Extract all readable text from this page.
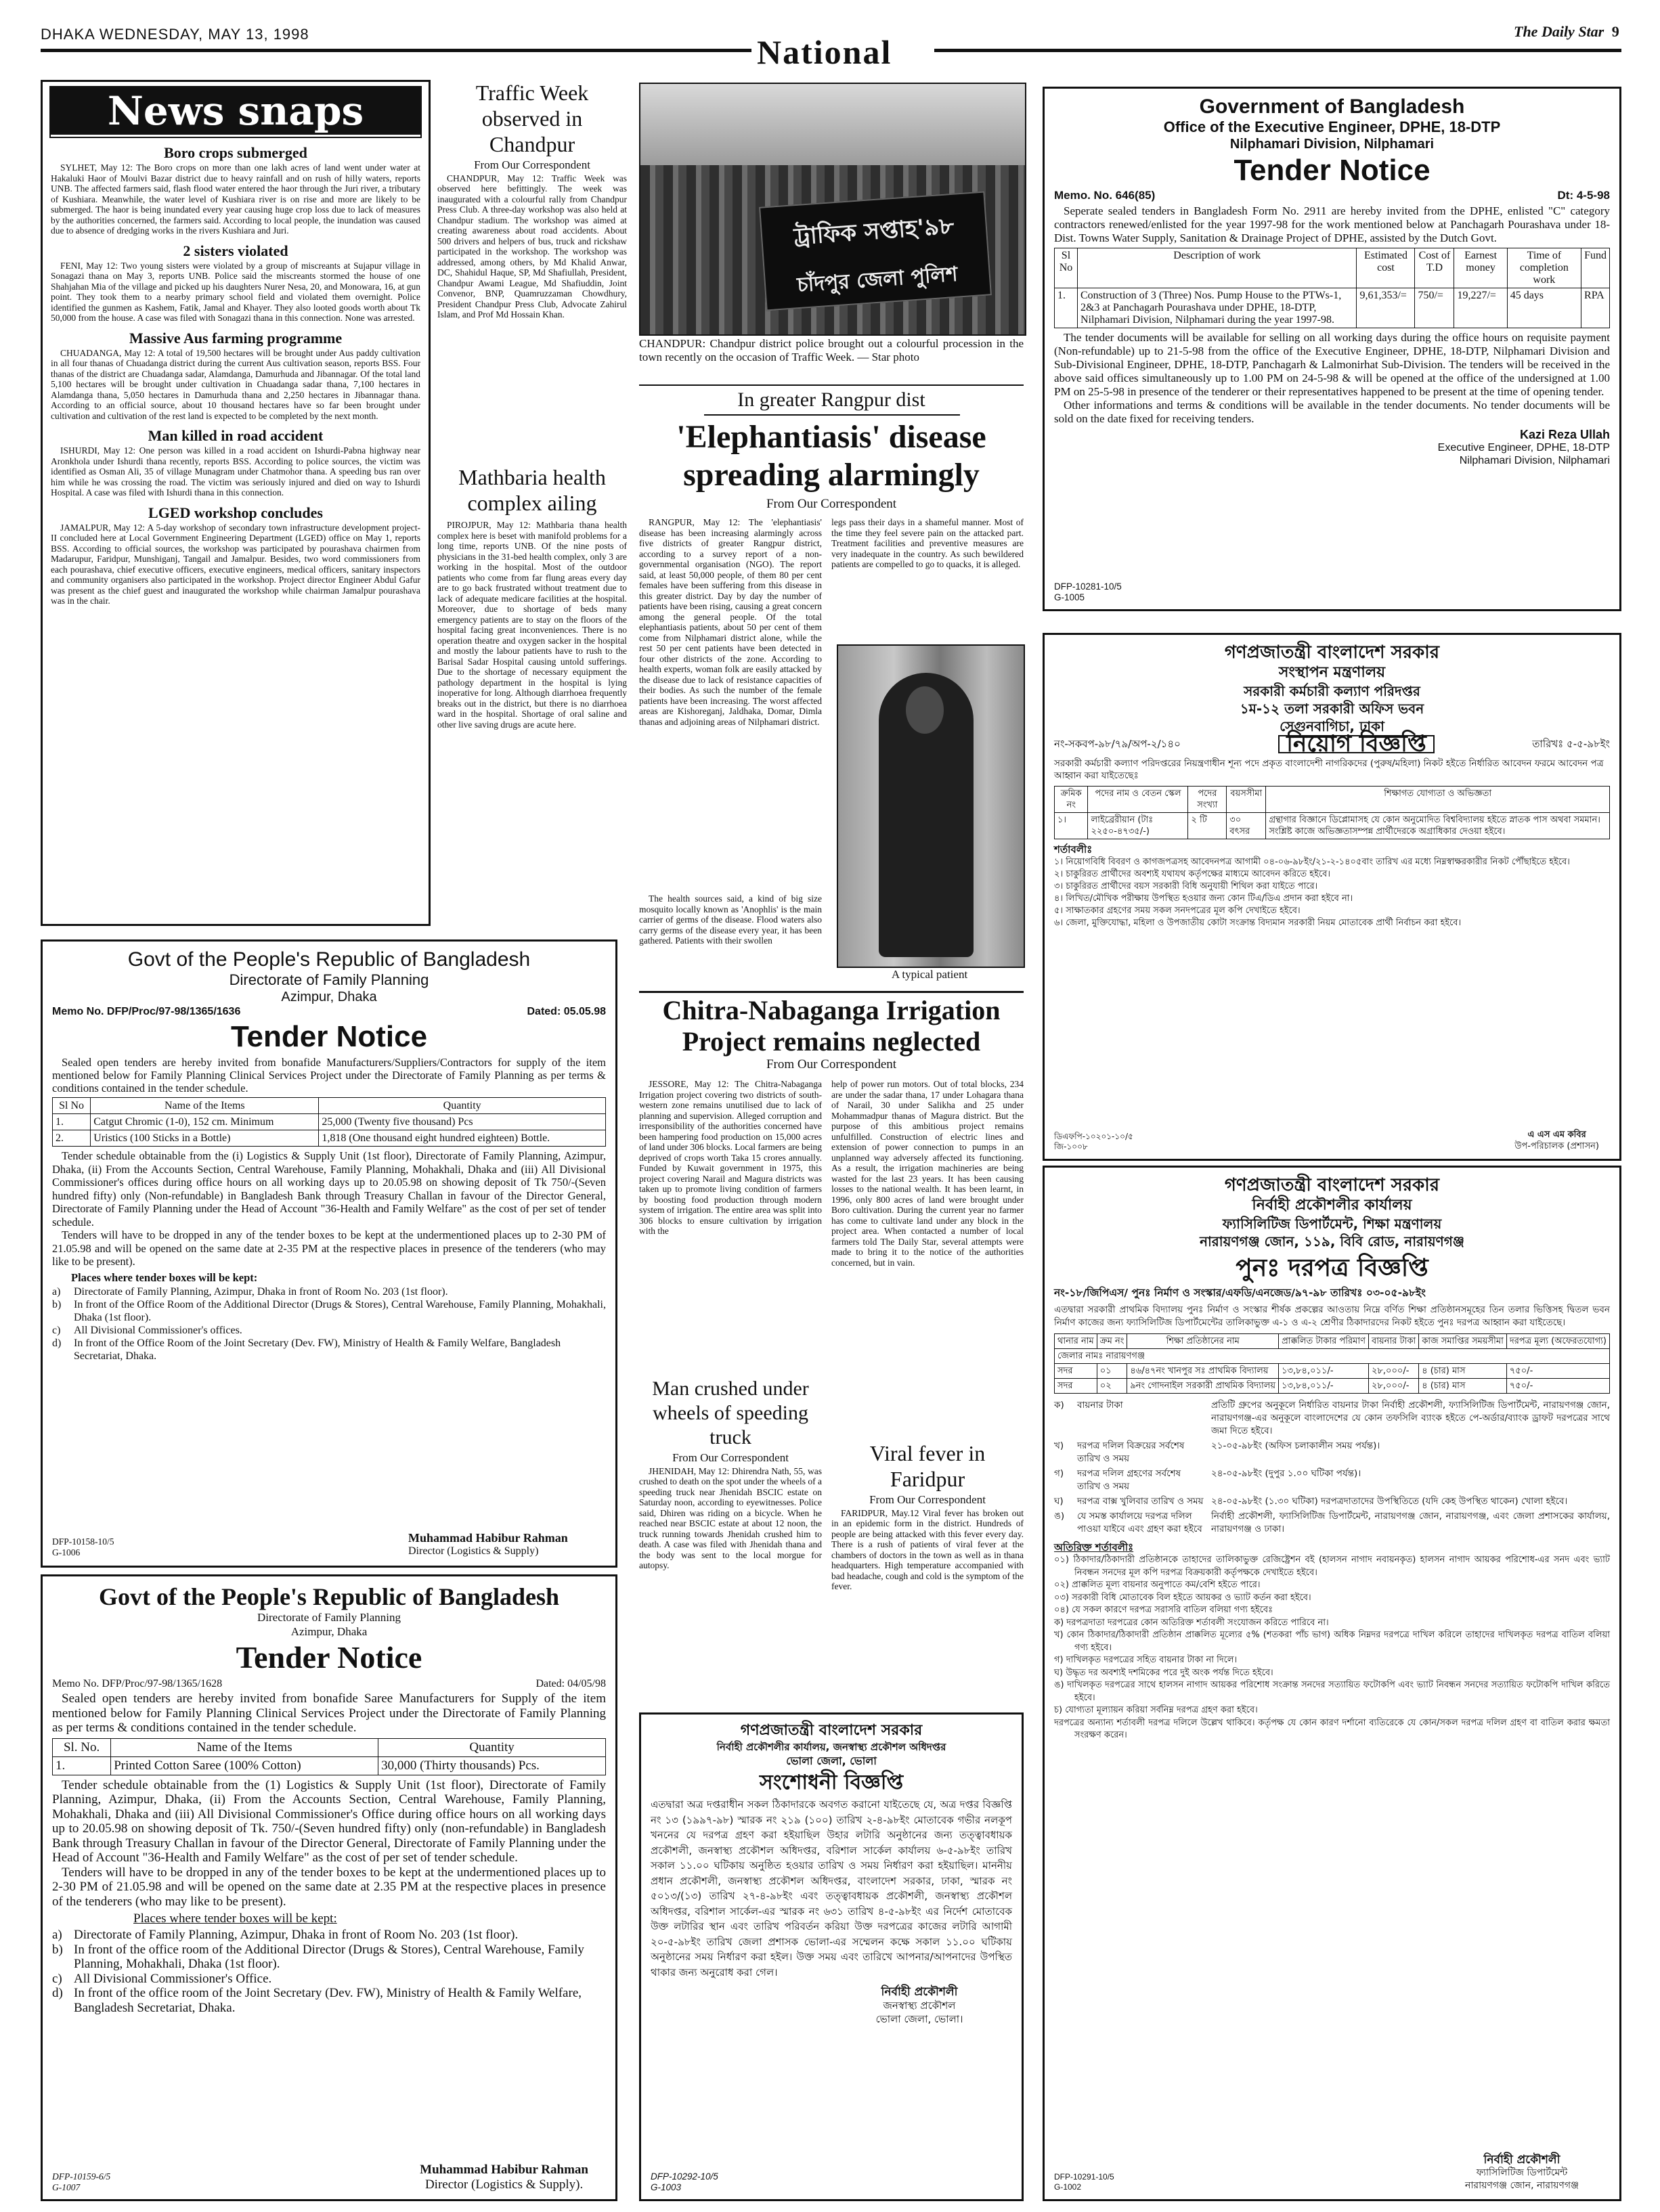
DHAKA WEDNESDAY, MAY 13, 1998	National
The Daily Star 9
News snaps
Boro crops submerged

SYLHET, May 12: The Boro crops on more than one lakh acres of land went under water at Hakaluki Haor of Moulvi Bazar district due to heavy rainfall and on rush of hilly waters, reports UNB. The affected farmers said, flash flood water entered the haor through the Juri river, a tributary of Kushiara. Meanwhile, the water level of Kushiara river is on rise and more are likely to be submerged. The haor is being inundated every year causing huge crop loss due to lack of measures by the authorities concerned, the farmers said. According to local people, the inundation was caused due to absence of dredging works in the rivers Kushiara and Juri.

2 sisters violated

FENI, May 12: Two young sisters were violated by a group of miscreants at Sujapur village in Sonagazi thana on May 3, reports UNB. Police said the miscreants stormed the house of one Shahjahan Mia of the village and picked up his daughters Nurer Nesa, 20, and Monowara, 16, at gun point. They took them to a nearby primary school field and violated them overnight. Police identified the gunmen as Kashem, Fatik, Jamal and Khayer. They also looted goods worth about Tk 50,000 from the house. A case was filed with Sonagazi thana in this connection. None was arrested.

Massive Aus farming programme

CHUADANGA, May 12: A total of 19,500 hectares will be brought under Aus paddy cultivation in all four thanas of Chuadanga district during the current Aus cultivation season, reports BSS. Four thanas of the district are Chuadanga sadar, Alamdanga, Damurhuda and Jibannagar. Of the total land 5,100 hectares will be brought under cultivation in Chuadanga sadar thana, 7,100 hectares in Alamdanga thana, 5,050 hectares in Damurhuda thana and 2,250 hectares in Jibannagar thana. According to an official source, about 10 thousand hectares have so far been brought under cultivation and cultivation of the rest land is expected to be completed by the next month.

Man killed in road accident

ISHURDI, May 12: One person was killed in a road accident on Ishurdi-Pabna highway near Aronkhola under Ishurdi thana recently, reports BSS. According to police sources, the victim was identified as Osman Ali, 35 of village Munagram under Chatmohor thana. A speeding bus ran over him while he was crossing the road. The victim was seriously injured and died on way to Ishurdi Hospital. A case was filed with Ishurdi thana in this connection.

LGED workshop concludes

JAMALPUR, May 12: A 5-day workshop of secondary town infrastructure development project-II concluded here at Local Government Engineering Department (LGED) office on May 1, reports BSS. According to official sources, the workshop was participated by pourashava chairmen from Madarupur, Faridpur, Munshiganj, Tangail and Jamalpur. Besides, two word commissioners from each pourashava, chief executive officers, executive engineers, medical officers, sanitary inspectors and community organisers also participated in the workshop. Project director Engineer Abdul Gafur was present as the chief guest and inaugurated the workshop while chairman Jamalpur pourashava was in the chair.

Traffic Week observed in Chandpur
From Our Correspondent

CHANDPUR, May 12: Traffic Week was observed here befittingly. The week was inaugurated with a colourful rally from Chandpur Press Club. A three-day workshop was also held at Chandpur stadium. The workshop was aimed at creating awareness about road accidents. About 500 drivers and helpers of bus, truck and rickshaw participated in the workshop. The workshop was addressed, among others, by Md Khalid Anwar, DC, Shahidul Haque, SP, Md Shafiullah, President, Chandpur Awami League, Md Shafiuddin, Joint Convenor, BNP, Quamruzzaman Chowdhury, President Chandpur Press Club, Advocate Zahirul Islam, and Prof Md Hossain Khan.

Mathbaria health complex ailing

PIROJPUR, May 12: Mathbaria thana health complex here is beset with manifold problems for a long time, reports UNB. Of the nine posts of physicians in the 31-bed health complex, only 3 are working in the hospital. Most of the outdoor patients who come from far flung areas every day are to go back frustrated without treatment due to lack of adequate medicare facilities at the hospital. Moreover, due to shortage of beds many emergency patients are to stay on the floors of the hospital facing great inconveniences. There is no operation theatre and oxygen sacker in the hospital and mostly the labour patients have to rush to the Barisal Sadar Hospital causing untold sufferings. Due to the shortage of necessary equipment the pathology department in the hospital is lying inoperative for long. Although diarrhoea frequently breaks out in the district, but there is no diarrhoea ward in the hospital. Shortage of oral saline and other live saving drugs are acute here.

ট্রাফিক সপ্তাহ'৯৮
চাঁদপুর জেলা পুলিশ

CHANDPUR: Chandpur district police brought out a colourful procession in the town recently on the occasion of Traffic Week. — Star photo

In greater Rangpur dist
'Elephantiasis' disease spreading alarmingly
From Our Correspondent

RANGPUR, May 12: The 'elephantiasis' disease has been increasing alarmingly across five districts of greater Rangpur district, according to a survey report of a non-governmental organisation (NGO). The report said, at least 50,000 people, of them 80 per cent females have been suffering from this disease in this greater district. Day by day the number of patients have been rising, causing a great concern among the general people. Of the total elephantiasis patients, about 50 per cent of them come from Nilphamari district alone, while the rest 50 per cent patients have been detected in four other districts of the zone. According to health experts, woman folk are easily attacked by the disease due to lack of resistance capacities of their bodies. As such the number of the female patients have been increasing. The worst affected areas are Kishoreganj, Jaldhaka, Domar, Dimla thanas and adjoining areas of Nilphamari district.

legs pass their days in a shameful manner. Most of the time they feel severe pain on the attacked part. Treatment facilities and preventive measures are very inadequate in the country. As such bewildered patients are compelled to go to quacks, it is alleged.

A typical patient

The health sources said, a kind of big size mosquito locally known as 'Anophlis' is the main carrier of germs of the disease. Flood waters also carry germs of the disease every year, it has been gathered. Patients with their swollen

Chitra-Nabaganga Irrigation Project remains neglected
From Our Correspondent

JESSORE, May 12: The Chitra-Nabaganga Irrigation project covering two districts of south-western zone remains unutilised due to lack of planning and supervision. Alleged corruption and irresponsibility of the authorities concerned have been hampering food production on 15,000 acres of land under 306 blocks. Local farmers are being deprived of crops worth Taka 15 crores annually. Funded by Kuwait government in 1975, this project covering Narail and Magura districts was taken up to promote living condition of farmers by boosting food production through modern system of irrigation. The entire area was split into 306 blocks to ensure cultivation by irrigation with the

help of power run motors. Out of total blocks, 234 are under the sadar thana, 17 under Lohagara thana of Narail, 30 under Salikha and 25 under Mohammadpur thanas of Magura district. But the purpose of this ambitious project remains unfulfilled. Construction of electric lines and extension of power connection to pumps in an unplanned way adversely affected its functioning. As a result, the irrigation machineries are being wasted for the last 23 years. It has been causing losses to the national wealth. It has been learnt, in 1996, only 800 acres of land were brought under Boro cultivation. During the current year no farmer has come to cultivate land under any block in the project area. When contacted a number of local farmers told The Daily Star, several attempts were made to bring it to the notice of the authorities concerned, but in vain.

Man crushed under wheels of speeding truck
From Our Correspondent

JHENIDAH, May 12: Dhirendra Nath, 55, was crushed to death on the spot under the wheels of a speeding truck near Jhenidah BSCIC estate on Saturday noon, according to eyewitnesses. Police said, Dhiren was riding on a bicycle. When he reached near BSCIC estate at about 12 noon, the truck running towards Jhenidah crushed him to death. A case was filed with Jhenidah thana and the body was sent to the local morgue for autopsy.

Viral fever in Faridpur
From Our Correspondent

FARIDPUR, May.12 Viral fever has broken out in an epidemic form in the district. Hundreds of people are being attacked with this fever every day. There is a rush of patients of viral fever at the chambers of doctors in the town as well as in thana headquarters. High temperature accompanied with bad headache, cough and cold is the symptom of the fever.

Government of Bangladesh
Office of the Executive Engineer, DPHE, 18-DTP
Nilphamari Division, Nilphamari
Tender Notice
Memo. No. 646(85)	Dt: 4-5-98

Seperate sealed tenders in Bangladesh Form No. 2911 are hereby invited from the DPHE, enlisted "C" category contractors renewed/enlisted for the year 1997-98 for the work mentioned below at Panchagarh Pourashava under 18-Dist. Towns Water Supply, Sanitation & Drainage Project of DPHE, assisted by the Dutch Govt.

Sl No	Description of work	Estimated cost	Cost of T.D	Earnest money	Time of completion work	Fund
1.	Construction of 3 (Three) Nos. Pump House to the PTWs-1, 2&3 at Panchagarh Pourashava under DPHE, 18-DTP, Nilphamari Division, Nilphamari during the year 1997-98.	9,61,353/=	750/=	19,227/=	45 days	RPA

The tender documents will be available for selling on all working days during the office hours on requisite payment (Non-refundable) up to 21-5-98 from the office of the Executive Engineer, DPHE, 18-DTP, Nilphamari Division and Sub-Divisional Engineer, DPHE, 18-DTP, Panchagarh & Lalmonirhat Sub-Division. The tenders will be received in the above said offices simultaneously up to 1.00 PM on 24-5-98 & will be opened at the office of the undersigned at 1.00 PM on 25-5-98 in presence of the tenderer or their representatives happened to be present at the time of opening tender.

Other informations and terms & conditions will be available in the tender documents. No tender documents will be sold on the date fixed for receiving tenders.

Kazi Reza Ullah
Executive Engineer, DPHE, 18-DTP
Nilphamari Division, Nilphamari
DFP-10281-10/5
G-1005
গণপ্রজাতন্ত্রী বাংলাদেশ সরকার
সংস্থাপন মন্ত্রণালয়
সরকারী কর্মচারী কল্যাণ পরিদপ্তর
১ম-১২ তলা সরকারী অফিস ভবন
সেগুনবাগিচা, ঢাকা
নং-সকবপ-৯৮/৭৯/অপ-২/১৪০	নিয়োগ বিজ্ঞপ্তি	তারিখঃ ৫-৫-৯৮ইং
সরকারী কর্মচারী কল্যাণ পরিদপ্তরের নিয়ন্ত্রণাধীন শূন্য পদে প্রকৃত বাংলাদেশী নাগরিকদের (পুরুষ/মহিলা) নিকট হইতে নির্ধারিত আবেদন ফরমে আবেদন পত্র আহ্বান করা যাইতেছেঃ
ক্রমিক নং	পদের নাম ও বেতন স্কেল	পদের সংখ্যা	বয়সসীমা	শিক্ষাগত যোগ্যতা ও অভিজ্ঞতা
১।	লাইব্রেরীয়ান (টাঃ ২২৫০-৪৭৩৫/-)	২ টি	৩০ বৎসর	গ্রন্থাগার বিজ্ঞানে ডিপ্লোমাসহ যে কোন অনুমোদিত বিশ্ববিদ্যালয় হইতে স্নাতক পাস অথবা সমমান। সংশ্লিষ্ট কাজে অভিজ্ঞতাসম্পন্ন প্রার্থীদেরকে অগ্রাধিকার দেওয়া হইবে।
শর্তাবলীঃ
১। নিয়োগবিধি বিবরণ ও কাগজপত্রসহ আবেদনপত্র আগামী ০৪-০৬-৯৮ইং/২১-২-১৪০৫বাং তারিখ এর মধ্যে নিম্নস্বাক্ষরকারীর নিকট পৌঁছাইতে হইবে।
২। চাকুরিরত প্রার্থীদের অবশ্যই যথাযথ কর্তৃপক্ষের মাধ্যমে আবেদন করিতে হইবে।
৩। চাকুরিরত প্রার্থীদের বয়স সরকারী বিধি অনুযায়ী শিথিল করা যাইতে পারে।
৪। লিখিত/মৌখিক পরীক্ষায় উপস্থিত হওয়ার জন্য কোন টিএ/ডিএ প্রদান করা হইবে না।
৫। সাক্ষাতকার গ্রহণের সময় সকল সনদপত্রের মূল কপি দেখাইতে হইবে।
৬। জেলা, মুক্তিযোদ্ধা, মহিলা ও উপজাতীয় কোটা সংক্রান্ত বিদ্যমান সরকারী নিয়ম মোতাবেক প্রার্থী নির্বাচন করা হইবে।
ডিএফপি-১০২০১-১০/৫
জি-১০০৮
এ এস এম কবির
উপ-পরিচালক (প্রশাসন)
গণপ্রজাতন্ত্রী বাংলাদেশ সরকার
নির্বাহী প্রকৌশলীর কার্যালয়
ফ্যাসিলিটিজ ডিপার্টমেন্ট, শিক্ষা মন্ত্রণালয়
নারায়ণগঞ্জ জোন, ১১৯, বিবি রোড, নারায়ণগঞ্জ
পুনঃ দরপত্র বিজ্ঞপ্তি
নং-১৮/জিপিএস/ পুনঃ নির্মাণ ও সংস্কার/এফডি/এনজেড/৯৭-৯৮ তারিখঃ ০৩-০৫-৯৮ইং
এতদ্বারা সরকারী প্রাথমিক বিদ্যালয় পুনঃ নির্মাণ ও সংস্কার শীর্ষক প্রকল্পের আওতায় নিম্নে বর্ণিত শিক্ষা প্রতিষ্ঠানসমূহের তিন তলার ভিত্তিসহ দ্বিতল ভবন নির্মাণ কাজের জন্য ফ্যাসিলিটিজ ডিপার্টমেন্টের তালিকাভুক্ত এ-১ ও এ-২ শ্রেণীর ঠিকাদারদের নিকট হইতে পুনঃ দরপত্র আহ্বান করা যাইতেছে।
থানার নাম	ক্রম নং	শিক্ষা প্রতিষ্ঠানের নাম	প্রাক্কলিত টাকার পরিমাণ	বায়নার টাকা	কাজ সমাপ্তির সময়সীমা	দরপত্র মূল্য (অফেরতযোগ্য)
জেলার নামঃ নারায়ণগঞ্জ						
সদর	০১	৪৬/৪৭নং খানপুর সঃ প্রাথমিক বিদ্যালয়	১৩,৮৪,০১১/-	২৮,০০০/-	৪ (চার) মাস	৭৫০/-
সদর	০২	৯নং গোদনাইল সরকারী প্রাথমিক বিদ্যালয়	১৩,৮৪,০১১/-	২৮,০০০/-	৪ (চার) মাস	৭৫০/-
ক)	বায়নার টাকা	প্রতিটি গ্রুপের অনুকূলে নির্ধারিত বায়নার টাকা নির্বাহী প্রকৌশলী, ফ্যাসিলিটিজ ডিপার্টমেন্ট, নারায়ণগঞ্জ জোন, নারায়ণগঞ্জ-এর অনুকূলে বাংলাদেশের যে কোন তফসিলি ব্যাংক হইতে পে-অর্ডার/ব্যাংক ড্রাফট দরপত্রের সাথে জমা দিতে হইবে।
খ)	দরপত্র দলিল বিক্রয়ের সর্বশেষ তারিখ ও সময়
২১-০৫-৯৮ইং (অফিস চলাকালীন সময় পর্যন্ত)।
গ)	দরপত্র দলিল গ্রহণের সর্বশেষ তারিখ ও সময়
২৪-০৫-৯৮ইং (দুপুর ১.০০ ঘটিকা পর্যন্ত)।
ঘ)	দরপত্র বাক্স খুলিবার তারিখ ও সময় ২৪-০৫-৯৮ইং (১.৩০ ঘটিকা) দরপত্রদাতাদের উপস্থিতিতে (যদি কেহ উপস্থিত থাকেন) খোলা হইবে।
ঙ)	যে সমস্ত কার্যালয়ে দরপত্র দলিল পাওয়া যাইবে এবং গ্রহণ করা হইবে
নির্বাহী প্রকৌশলী, ফ্যাসিলিটিজ ডিপার্টমেন্ট, নারায়ণগঞ্জ জোন, নারায়ণগঞ্জ, এবং জেলা প্রশাসকের কার্যালয়, নারায়ণগঞ্জ ও ঢাকা।
অতিরিক্ত শর্তাবলীঃ
০১) ঠিকাদার/ঠিকাদারী প্রতিষ্ঠানকে তাহাদের তালিকাভুক্ত রেজিষ্ট্রেশন বই (হালসন নাগাদ নবায়নকৃত) হালসন নাগাদ আয়কর পরিশোধ-এর সনদ এবং ভ্যাট নিবন্ধন সনদের মূল কপি দরপত্র বিক্রয়কারী কর্তৃপক্ষকে দেখাইতে হইবে।
০২) প্রাক্কলিত মূল্য বায়নার অনুপাতে কম/বেশি হইতে পারে।
০৩) সরকারী বিধি মোতাবেক বিল হইতে আয়কর ও ভ্যাট কর্তন করা হইবে।
০৪) যে সকল কারণে দরপত্র সরাসরি বাতিল বলিয়া গণ্য হইবেঃ
ক) দরপত্রদাতা দরপত্রের কোন অতিরিক্ত শর্তাবলী সংযোজন করিতে পারিবে না।
খ) কোন ঠিকাদার/ঠিকাদারী প্রতিষ্ঠান প্রাক্কলিত মূল্যের ৫% (শতকরা পাঁচ ভাগ) অধিক নিম্নদর দরপত্রে দাখিল করিলে তাহাদের দাখিলকৃত দরপত্র বাতিল বলিয়া গণ্য হইবে।
গ) দাখিলকৃত দরপত্রের সহিত বায়নার টাকা না দিলে।
ঘ) উদ্ধৃত দর অবশ্যই দশমিকের পরে দুই অংক পর্যন্ত দিতে হইবে।
ঙ) দাখিলকৃত দরপত্রের সাথে হালসন নাগাদ আয়কর পরিশোধ সংক্রান্ত সনদের সত্যায়িত ফটোকপি এবং ভ্যাট নিবন্ধন সনদের সত্যায়িত ফটোকপি দাখিল করিতে হইবে।
চ) যোগ্যতা মূল্যায়ন করিয়া সর্বনিম্ন দরপত্র গ্রহণ করা হইবে।
দরপত্রের অন্যান্য শর্তাবলী দরপত্র দলিলে উল্লেখ থাকিবে। কর্তৃপক্ষ যে কোন কারণ দর্শানো ব্যতিরেকে যে কোন/সকল দরপত্র দলিল গ্রহণ বা বাতিল করার ক্ষমতা সংরক্ষণ করেন।
DFP-10291-10/5
G-1002
নির্বাহী প্রকৌশলী
ফ্যাসিলিটিজ ডিপার্টমেন্ট
নারায়ণগঞ্জ জোন, নারায়ণগঞ্জ
Govt of the People's Republic of Bangladesh
Directorate of Family Planning
Azimpur, Dhaka
Memo No. DFP/Proc/97-98/1365/1636	Dated: 05.05.98
Tender Notice

Sealed open tenders are hereby invited from bonafide Manufacturers/Suppliers/Contractors for supply of the item mentioned below for Family Planning Clinical Services Project under the Directorate of Family Planning as per terms & conditions contained in the tender schedule.

Sl No	Name of the Items	Quantity
1.	Catgut Chromic (1-0), 152 cm. Minimum	25,000 (Twenty five thousand) Pcs
2.	Uristics (100 Sticks in a Bottle)	1,818 (One thousand eight hundred eighteen) Bottle.

Tender schedule obtainable from the (i) Logistics & Supply Unit (1st floor), Directorate of Family Planning, Azimpur, Dhaka, (ii) From the Accounts Section, Central Warehouse, Family Planning, Mohakhali, Dhaka and (iii) All Divisional Commissioner's offices during office hours on all working days up to 20.05.98 on showing deposit of Tk 750/-(Seven hundred fifty) only (Non-refundable) in Bangladesh Bank through Treasury Challan in favour of the Director General, Directorate of Family Planning under the Head of Account "36-Health and Family Welfare" as the cost of per set of tender schedule.

Tenders will have to be dropped in any of the tender boxes to be kept at the undermentioned places up to 2-30 PM of 21.05.98 and will be opened on the same date at 2-35 PM at the respective places in presence of the tenderers (who may like to be present).

Places where tender boxes will be kept:
a)	Directorate of Family Planning, Azimpur, Dhaka in front of Room No. 203 (1st floor).
b)	In front of the Office Room of the Additional Director (Drugs & Stores), Central Warehouse, Family Planning, Mohakhali, Dhaka (1st floor).
c)	All Divisional Commissioner's offices.
d)	In front of the Office Room of the Joint Secretary (Dev. FW), Ministry of Health & Family Welfare, Bangladesh Secretariat, Dhaka.
DFP-10158-10/5
G-1006
Muhammad Habibur Rahman
Director (Logistics & Supply)
Govt of the People's Republic of Bangladesh
Directorate of Family Planning
Azimpur, Dhaka
Tender Notice
Memo No. DFP/Proc/97-98/1365/1628	Dated: 04/05/98

Sealed open tenders are hereby invited from bonafide Saree Manufacturers for Supply of the item mentioned below for Family Planning Clinical Services Project under the Directorate of Family Planning as per terms & conditions contained in the tender schedule.

Sl. No.	Name of the Items	Quantity
1.	Printed Cotton Saree (100% Cotton)	30,000 (Thirty thousands) Pcs.

Tender schedule obtainable from the (1) Logistics & Supply Unit (1st floor), Directorate of Family Planning, Azimpur, Dhaka, (ii) From the Accounts Section, Central Warehouse, Family Planning, Mohakhali, Dhaka and (iii) All Divisional Commissioner's Office during office hours on all working days up to 20.05.98 on showing deposit of Tk. 750/-(Seven hundred fifty) only (non-refundable) in Bangladesh Bank through Treasury Challan in favour of the Director General, Directorate of Family Planning under the Head of Account "36-Health and Family Welfare" as the cost of per set of tender schedule.

Tenders will have to be dropped in any of the tender boxes to be kept at the undermentioned places up to 2-30 PM of 21.05.98 and will be opened on the same date at 2.35 PM at the respective places in presence of the tenderers (who may like to be present).

Places where tender boxes will be kept:
a) Directorate of Family Planning, Azimpur, Dhaka in front of Room No. 203 (1st floor).
b) In front of the office room of the Additional Director (Drugs & Stores), Central Warehouse, Family Planning, Mohakhali, Dhaka (1st floor).
c) All Divisional Commissioner's Office.
d) In front of the office room of the Joint Secretary (Dev. FW), Ministry of Health & Family Welfare, Bangladesh Secretariat, Dhaka.
DFP-10159-6/5
G-1007
Muhammad Habibur Rahman
Director (Logistics & Supply).
গণপ্রজাতন্ত্রী বাংলাদেশ সরকার
নির্বাহী প্রকৌশলীর কার্যালয়, জনস্বাস্থ্য প্রকৌশল অধিদপ্তর
ভোলা জেলা, ভোলা
সংশোধনী বিজ্ঞপ্তি
এতদ্বারা অত্র দপ্তরাধীন সকল ঠিকাদারকে অবগত করানো যাইতেছে যে, অত্র দপ্তর বিজ্ঞপ্তি নং ১৩ (১৯৯৭-৯৮) স্মারক নং ২১৯ (১০০) তারিখ ২-৪-৯৮ইং মোতাবেক গভীর নলকূপ খননের যে দরপত্র গ্রহণ করা হইয়াছিল উহার লটারি অনুষ্ঠানের জন্য তত্ত্বাবধায়ক প্রকৌশলী, জনস্বাস্থ্য প্রকৌশল অধিদপ্তর, বরিশাল সার্কেল কার্যালয় ৬-৫-৯৮ইং তারিখ সকাল ১১.০০ ঘটিকায় অনুষ্ঠিত হওয়ার তারিখ ও সময় নির্ধারণ করা হইয়াছিল। মাননীয় প্রধান প্রকৌশলী, জনস্বাস্থ্য প্রকৌশল অধিদপ্তর, বাংলাদেশ সরকার, ঢাকা, স্মারক নং ৫০১৩/(১৩) তারিখ ২৭-৪-৯৮ইং এবং তত্ত্বাবধায়ক প্রকৌশলী, জনস্বাস্থ্য প্রকৌশল অধিদপ্তর, বরিশাল সার্কেল-এর স্মারক নং ৬৩১ তারিখ ৪-৫-৯৮ইং এর নির্দেশ মোতাবেক উক্ত লটারির স্থান এবং তারিখ পরিবর্তন করিয়া উক্ত দরপত্রের কাজের লটারি আগামী ২০-৫-৯৮ইং তারিখ জেলা প্রশাসক ভোলা-এর সম্মেলন কক্ষে সকাল ১১.০০ ঘটিকায় অনুষ্ঠানের সময় নির্ধারণ করা হইল। উক্ত সময় এবং তারিখে আপনার/আপনাদের উপস্থিত থাকার জন্য অনুরোধ করা গেল।
নির্বাহী প্রকৌশলী
জনস্বাস্থ্য প্রকৌশল
ভোলা জেলা, ভোলা।
DFP-10292-10/5
G-1003
